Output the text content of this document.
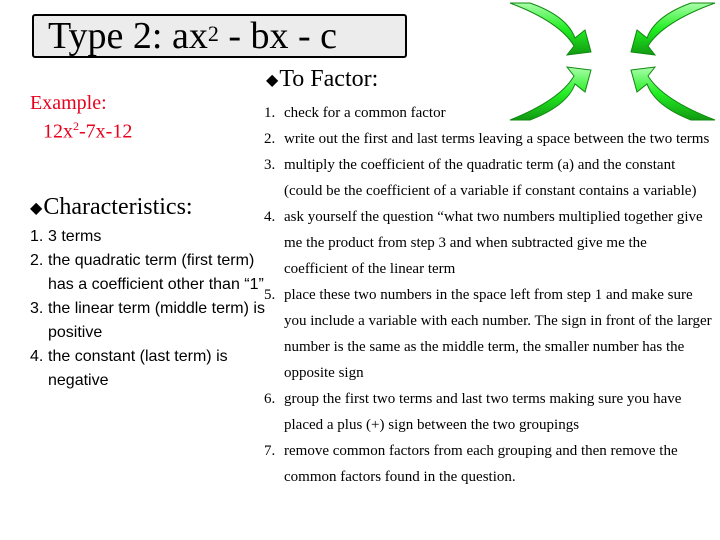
Type 2: $ax^2$ - bx - c
Example:
$12x^2-7x-12$
◆Characteristics:
1. 3 terms
2. the quadratic term (first term) has a coefficient other than “1”
3. the linear term (middle term) is positive
4. the constant (last term) is negative
◆To Factor:
1. check for a common factor
2. write out the first and last terms leaving a space between the two terms
3. multiply the coefficient of the quadratic term (a) and the constant (could be the coefficient of a variable if constant contains a variable)
4. ask yourself the question “what two numbers multiplied together give me the product from step 3 and when subtracted give me the coefficient of the linear term
5. place these two numbers in the space left from step 1 and make sure you include a variable with each number. The sign in front of the larger number is the same as the middle term, the smaller number has the opposite sign
6. group the first two terms and last two terms making sure you have placed a plus (+) sign between the two groupings
7. remove common factors from each grouping and then remove the common factors found in the question.
